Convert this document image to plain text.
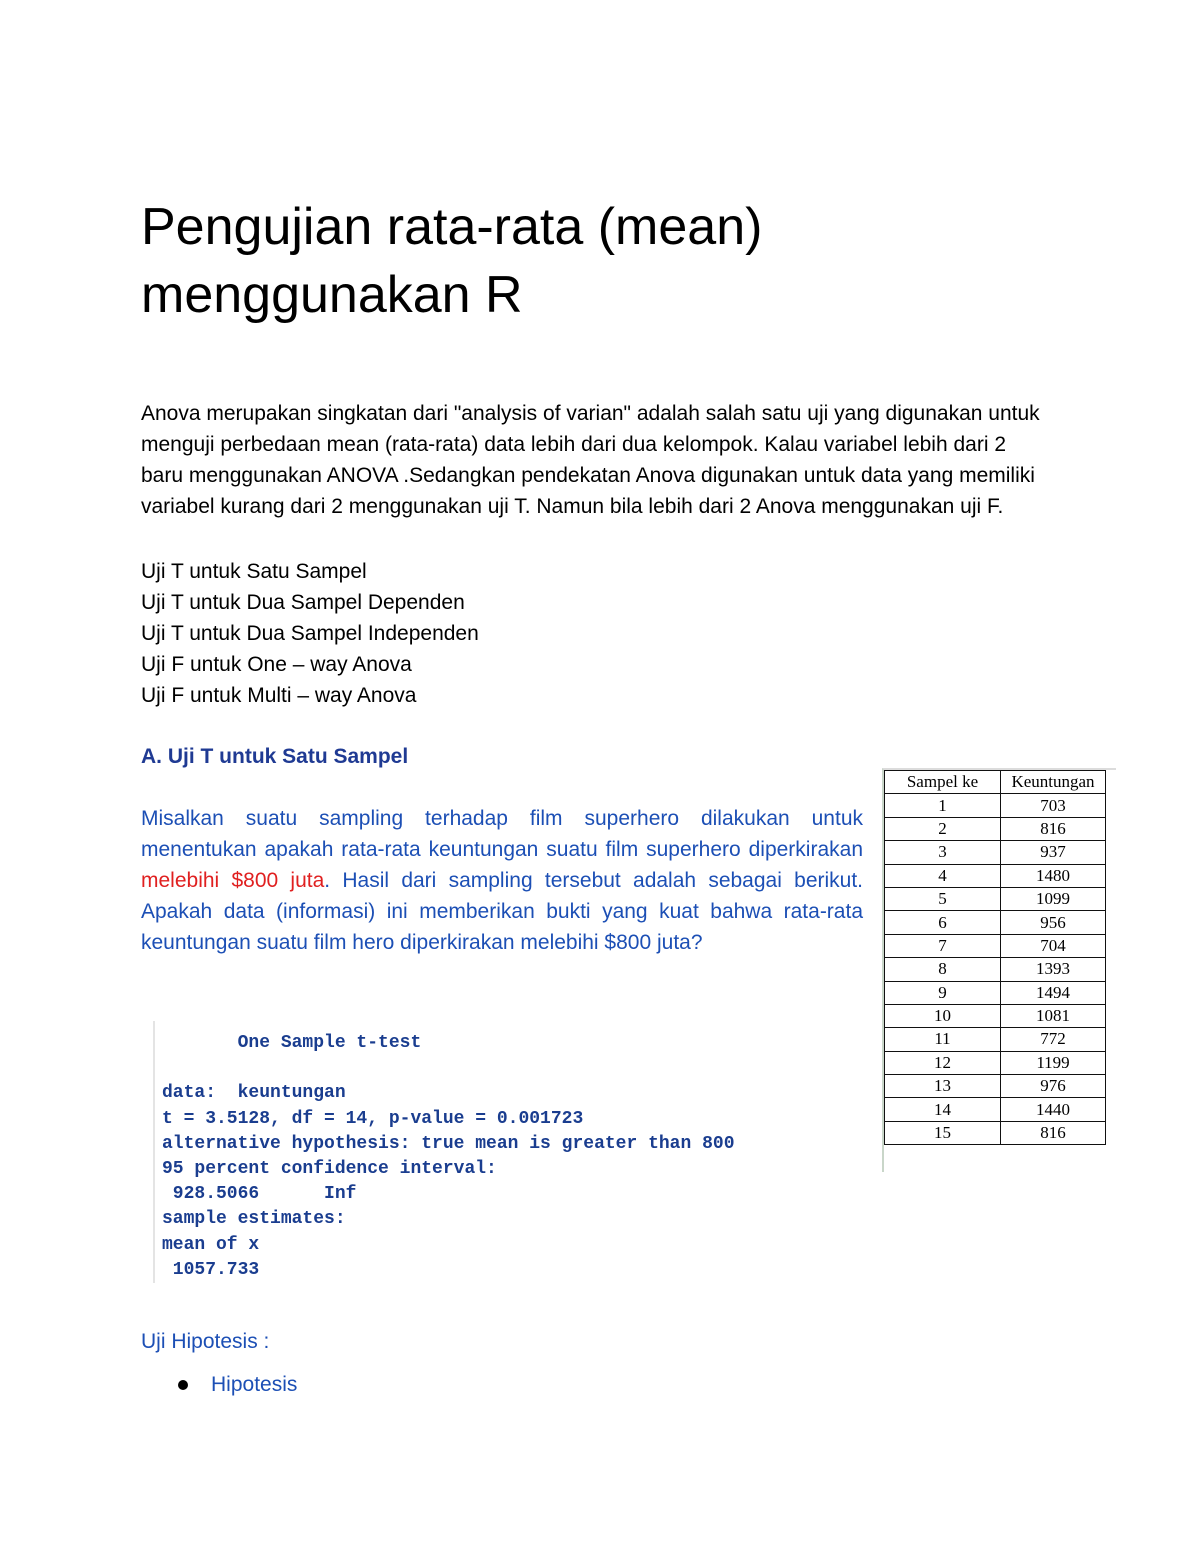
Pengujian rata-rata (mean)
menggunakan R

Anova merupakan singkatan dari "analysis of varian" adalah salah satu uji yang digunakan untuk menguji perbedaan mean (rata-rata) data lebih dari dua kelompok. Kalau variabel lebih dari 2 baru menggunakan ANOVA .Sedangkan pendekatan Anova digunakan untuk data yang memiliki variabel kurang dari 2 menggunakan uji T. Namun bila lebih dari 2 Anova menggunakan uji F.

Uji T untuk Satu Sampel
Uji T untuk Dua Sampel Dependen
Uji T untuk Dua Sampel Independen
Uji F untuk One – way Anova
Uji F untuk Multi – way Anova
A. Uji T untuk Satu Sampel

Misalkan suatu sampling terhadap film superhero dilakukan untuk menentukan apakah rata-rata keuntungan suatu film superhero diperkirakan melebihi $800 juta. Hasil dari sampling tersebut adalah sebagai berikut. Apakah data (informasi) ini memberikan bukti yang kuat bahwa rata-rata keuntungan suatu film hero diperkirakan melebihi $800 juta?

Sampel ke	Keuntungan
1	703
2	816
3	937
4	1480
5	1099
6	956
7	704
8	1393
9	1494
10	1081
11	772
12	1199
13	976
14	1440
15	816
One Sample t-test

data:  keuntungan
t = 3.5128, df = 14, p-value = 0.001723
alternative hypothesis: true mean is greater than 800
95 percent confidence interval:
928.5066      Inf
sample estimates:
mean of x
1057.733

Uji Hipotesis :

Hipotesis
